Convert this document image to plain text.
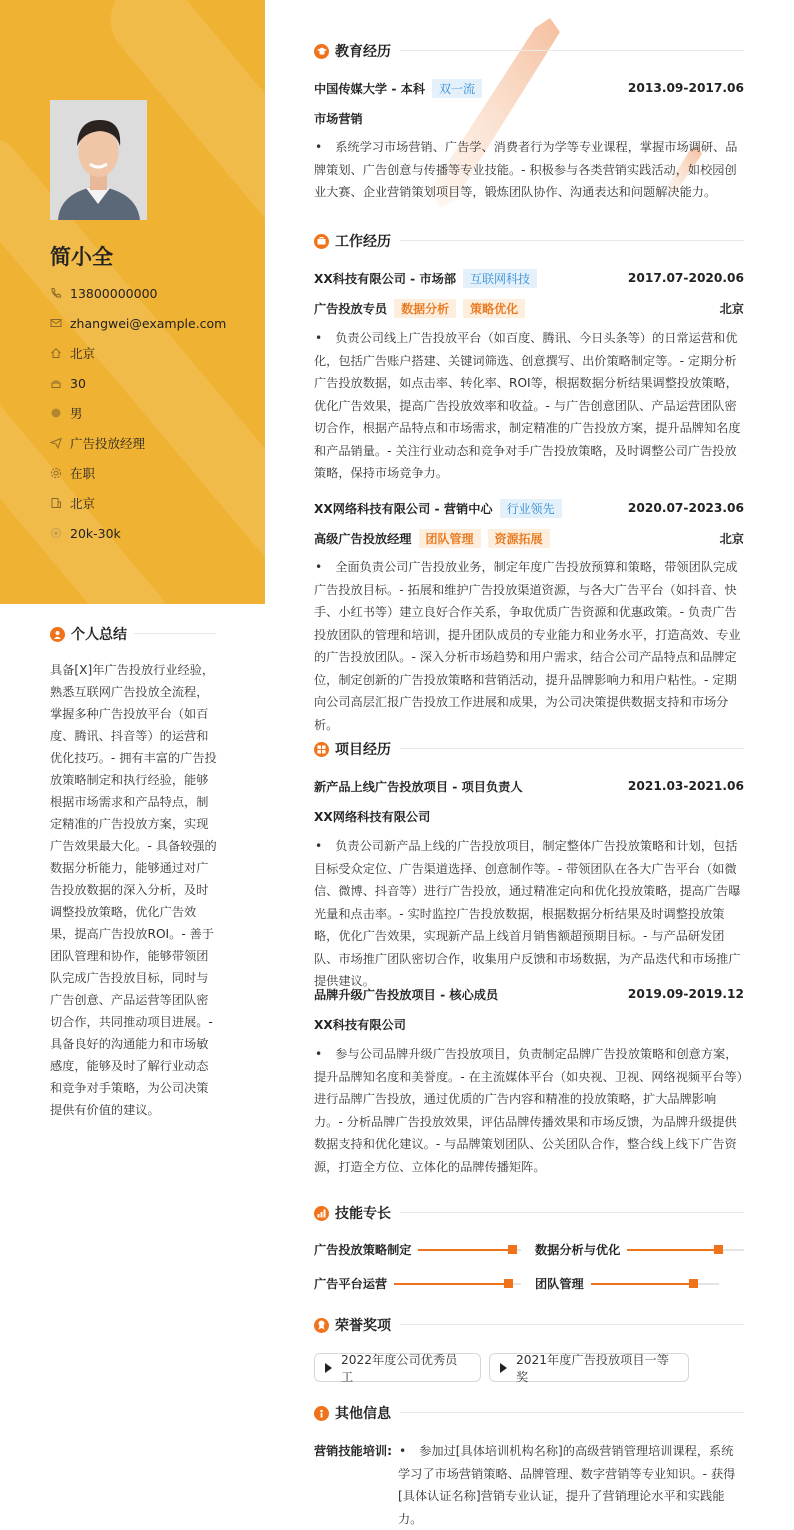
简小全
13800000000
zhangwei@example.com
北京
30
男
广告投放经理
在职
北京
20k-30k
个人总结
具备[X]年广告投放行业经验，熟悉互联网广告投放全流程，掌握多种广告投放平台（如百度、腾讯、抖音等）的运营和优化技巧。- 拥有丰富的广告投放策略制定和执行经验，能够根据市场需求和产品特点，制定精准的广告投放方案，实现广告效果最大化。- 具备较强的数据分析能力，能够通过对广告投放数据的深入分析，及时调整投放策略，优化广告效果，提高广告投放ROI。- 善于团队管理和协作，能够带领团队完成广告投放目标，同时与广告创意、产品运营等团队密切合作，共同推动项目进展。- 具备良好的沟通能力和市场敏感度，能够及时了解行业动态和竞争对手策略，为公司决策提供有价值的建议。
教育经历
中国传媒大学 - 本科	双一流	2013.09-2017.06
市场营销
• 系统学习市场营销、广告学、消费者行为学等专业课程，掌握市场调研、品牌策划、广告创意与传播等专业技能。- 积极参与各类营销实践活动，如校园创业大赛、企业营销策划项目等，锻炼团队协作、沟通表达和问题解决能力。
工作经历
XX科技有限公司 - 市场部	互联网科技	2017.07-2020.06
广告投放专员	数据分析	策略优化	北京
• 负责公司线上广告投放平台（如百度、腾讯、今日头条等）的日常运营和优化，包括广告账户搭建、关键词筛选、创意撰写、出价策略制定等。- 定期分析广告投放数据，如点击率、转化率、ROI等，根据数据分析结果调整投放策略，优化广告效果，提高广告投放效率和收益。- 与广告创意团队、产品运营团队密切合作，根据产品特点和市场需求，制定精准的广告投放方案，提升品牌知名度和产品销量。- 关注行业动态和竞争对手广告投放策略，及时调整公司广告投放策略，保持市场竞争力。
XX网络科技有限公司 - 营销中心	行业领先	2020.07-2023.06
高级广告投放经理	团队管理	资源拓展	北京
• 全面负责公司广告投放业务，制定年度广告投放预算和策略，带领团队完成广告投放目标。- 拓展和维护广告投放渠道资源，与各大广告平台（如抖音、快手、小红书等）建立良好合作关系，争取优质广告资源和优惠政策。- 负责广告投放团队的管理和培训，提升团队成员的专业能力和业务水平，打造高效、专业的广告投放团队。- 深入分析市场趋势和用户需求，结合公司产品特点和品牌定位，制定创新的广告投放策略和营销活动，提升品牌影响力和用户粘性。- 定期向公司高层汇报广告投放工作进展和成果，为公司决策提供数据支持和市场分析。
项目经历
新产品上线广告投放项目 - 项目负责人	2021.03-2021.06
XX网络科技有限公司
• 负责公司新产品上线的广告投放项目，制定整体广告投放策略和计划，包括目标受众定位、广告渠道选择、创意制作等。- 带领团队在各大广告平台（如微信、微博、抖音等）进行广告投放，通过精准定向和优化投放策略，提高广告曝光量和点击率。- 实时监控广告投放数据，根据数据分析结果及时调整投放策略，优化广告效果，实现新产品上线首月销售额超预期目标。- 与产品研发团队、市场推广团队密切合作，收集用户反馈和市场数据，为产品迭代和市场推广提供建议。
品牌升级广告投放项目 - 核心成员	2019.09-2019.12
XX科技有限公司
• 参与公司品牌升级广告投放项目，负责制定品牌广告投放策略和创意方案，提升品牌知名度和美誉度。- 在主流媒体平台（如央视、卫视、网络视频平台等）进行品牌广告投放，通过优质的广告内容和精准的投放策略，扩大品牌影响力。- 分析品牌广告投放效果，评估品牌传播效果和市场反馈，为品牌升级提供数据支持和优化建议。- 与品牌策划团队、公关团队合作，整合线上线下广告资源，打造全方位、立体化的品牌传播矩阵。
技能专长
广告投放策略制定	数据分析与优化
广告平台运营	团队管理
荣誉奖项
2022年度公司优秀员工
2021年度广告投放项目一等奖
其他信息
营销技能培训:
•	参加过[具体培训机构名称]的高级营销管理培训课程，系统学习了市场营销策略、品牌管理、数字营销等专业知识。- 获得[具体认证名称]营销专业认证，提升了营销理论水平和实践能力。
